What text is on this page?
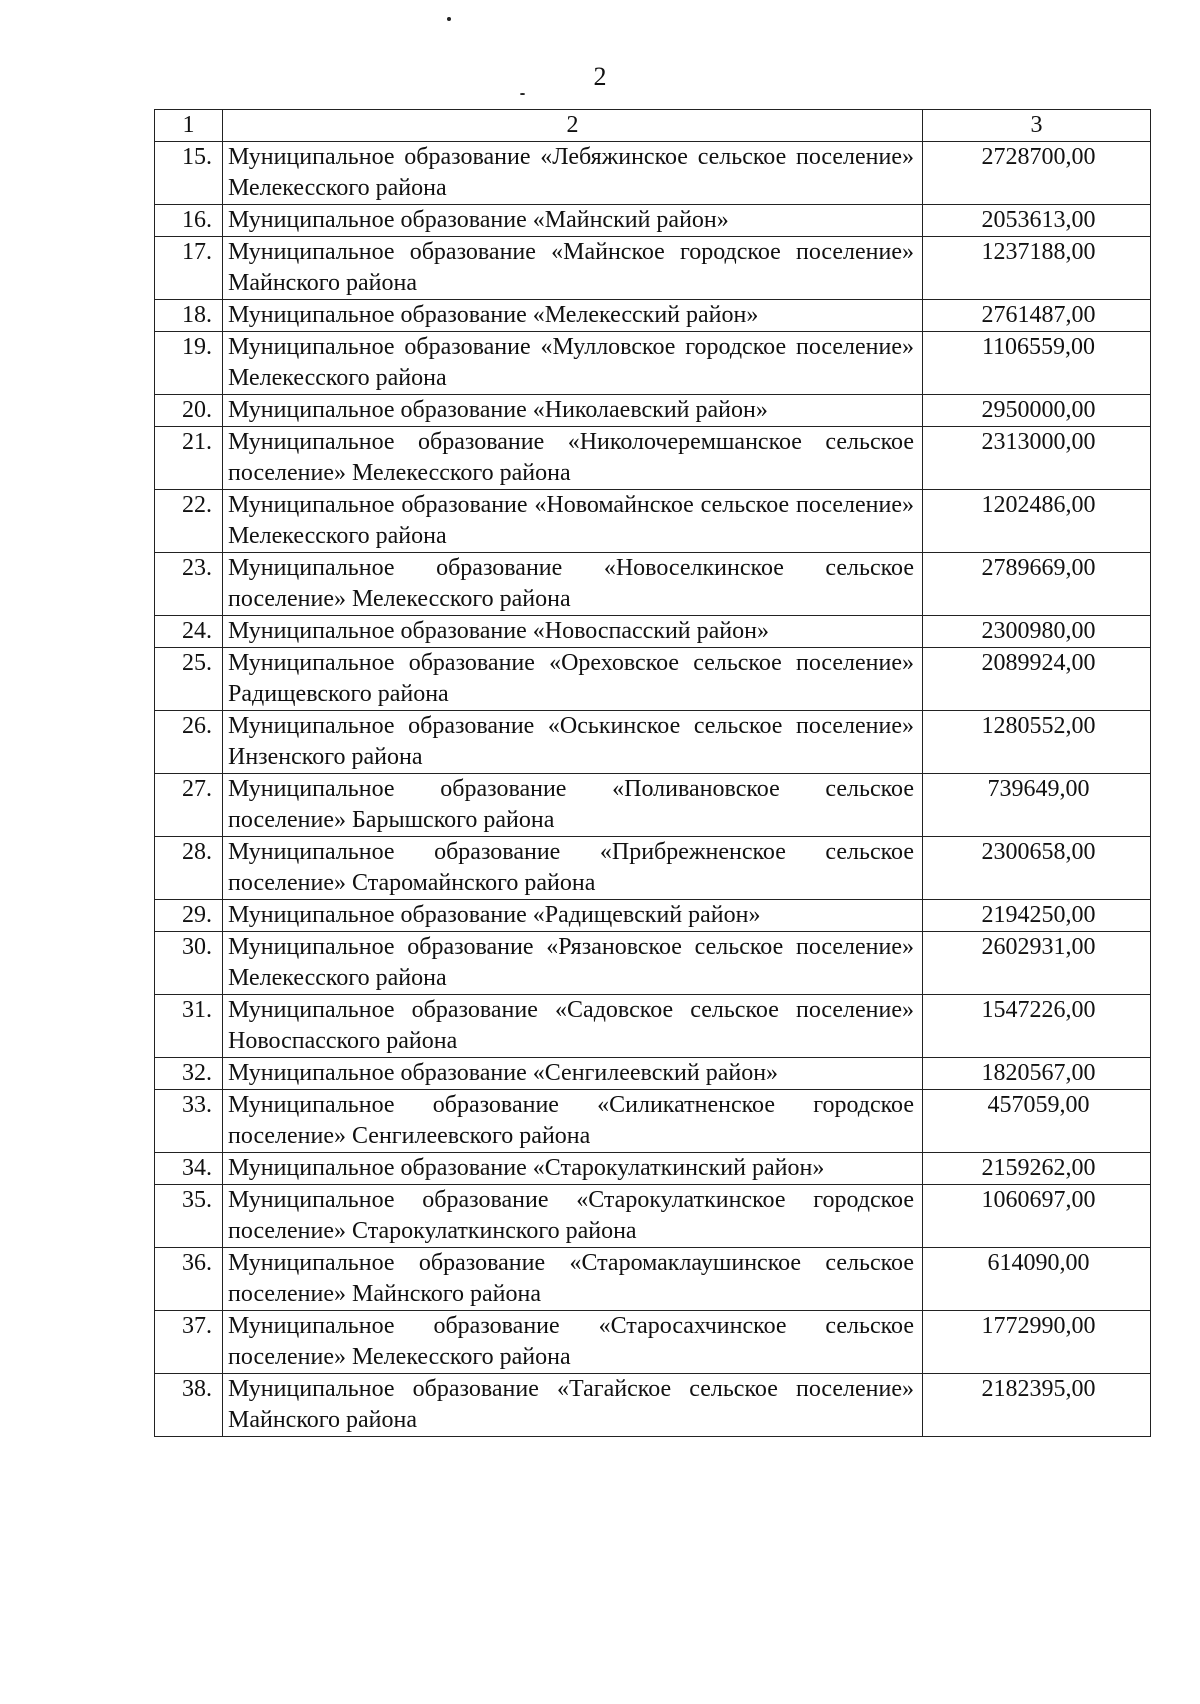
2
1	2	3
15.	Муниципальное образование «Лебяжинское сельское поселение» Мелекесского района	2728700,00
16.	Муниципальное образование «Майнский район»	2053613,00
17.	Муниципальное образование «Майнское городское поселение» Майнского района	1237188,00
18.	Муниципальное образование «Мелекесский район»	2761487,00
19.	Муниципальное образование «Мулловское городское поселение» Мелекесского района	1106559,00
20.	Муниципальное образование «Николаевский район»	2950000,00
21.	Муниципальное образование «Николочеремшанское сельское поселение» Мелекесского района	2313000,00
22.	Муниципальное образование «Новомайнское сельское поселение» Мелекесского района	1202486,00
23.	Муниципальное образование «Новоселкинское сельское поселение» Мелекесского района	2789669,00
24.	Муниципальное образование «Новоспасский район»	2300980,00
25.	Муниципальное образование «Ореховское сельское поселение» Радищевского района	2089924,00
26.	Муниципальное образование «Оськинское сельское поселение» Инзенского района	1280552,00
27.	Муниципальное образование «Поливановское сельское поселение» Барышского района	739649,00
28.	Муниципальное образование «Прибрежненское сельское поселение» Старомайнского района	2300658,00
29.	Муниципальное образование «Радищевский район»	2194250,00
30.	Муниципальное образование «Рязановское сельское поселение» Мелекесского района	2602931,00
31.	Муниципальное образование «Садовское сельское поселение» Новоспасского района	1547226,00
32.	Муниципальное образование «Сенгилеевский район»	1820567,00
33.	Муниципальное образование «Силикатненское городское поселение» Сенгилеевского района	457059,00
34.	Муниципальное образование «Старокулаткинский район»	2159262,00
35.	Муниципальное образование «Старокулаткинское городское поселение» Старокулаткинского района	1060697,00
36.	Муниципальное образование «Старомаклаушинское сельское поселение» Майнского района	614090,00
37.	Муниципальное образование «Старосахчинское сельское поселение» Мелекесского района	1772990,00
38.	Муниципальное образование «Тагайское сельское поселение» Майнского района	2182395,00
